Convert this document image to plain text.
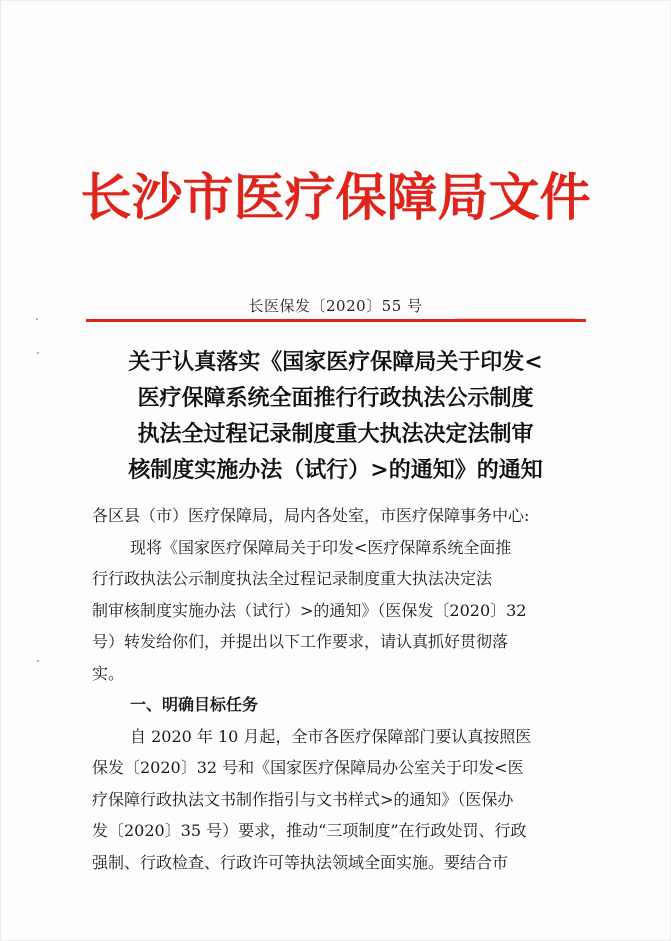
长沙市医疗保障局文件
长医保发〔2020〕55 号
关于认真落实《国家医疗保障局关于印发<
医疗保障系统全面推行行政执法公示制度
执法全过程记录制度重大执法决定法制审
核制度实施办法（试行）>的通知》的通知
各区县（市）医疗保障局，局内各处室，市医疗保障事务中心:
现将《国家医疗保障局关于印发<医疗保障系统全面推
行行政执法公示制度执法全过程记录制度重大执法决定法
制审核制度实施办法（试行）>的通知》（医保发〔2020〕32
号）转发给你们，并提出以下工作要求，请认真抓好贯彻落
实。
一、明确目标任务
自 2020 年 10 月起，全市各医疗保障部门要认真按照医
保发〔2020〕32 号和《国家医疗保障局办公室关于印发<医
疗保障行政执法文书制作指引与文书样式>的通知》（医保办
发〔2020〕35 号）要求，推动“三项制度”在行政处罚、行政
强制、行政检查、行政许可等执法领域全面实施。要结合市
